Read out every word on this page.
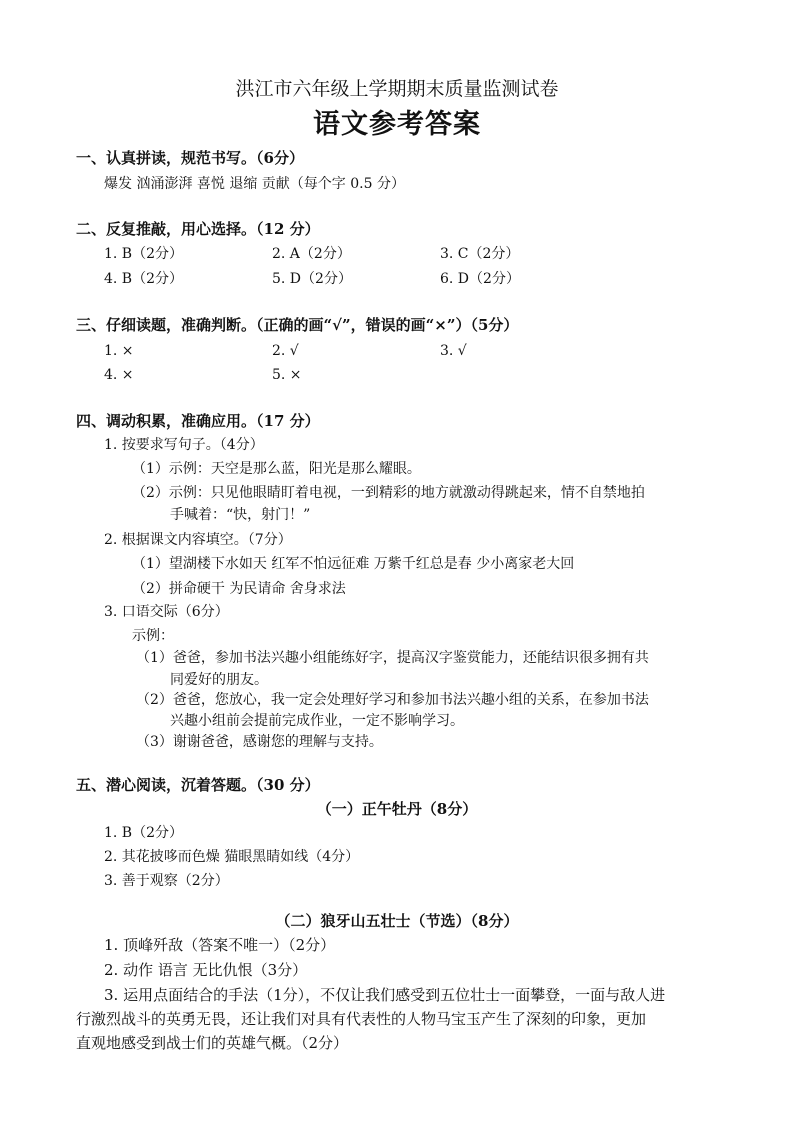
洪江市六年级上学期期末质量监测试卷
语文参考答案
一、认真拼读，规范书写。（6分）
爆发 汹涌澎湃 喜悦 退缩 贡献（每个字 0.5 分）
二、反复推敲，用心选择。（12 分）
1. B（2分）	2. A（2分）	3. C（2分）
4. B（2分）	5. D（2分）	6. D（2分）
三、仔细读题，准确判断。（正确的画“√”，错误的画“×”）（5分）
1. ×	2. √	3. √
4. ×	5. ×
四、调动积累，准确应用。（17 分）
1. 按要求写句子。（4分）
（1）示例：天空是那么蓝，阳光是那么耀眼。
（2）示例：只见他眼睛盯着电视，一到精彩的地方就激动得跳起来，情不自禁地拍
手喊着：“快，射门！”
2. 根据课文内容填空。（7分）
（1）望湖楼下水如天 红军不怕远征难 万紫千红总是春 少小离家老大回
（2）拼命硬干 为民请命 舍身求法
3. 口语交际（6分）
示例：
（1）爸爸，参加书法兴趣小组能练好字，提高汉字鉴赏能力，还能结识很多拥有共
同爱好的朋友。
（2）爸爸，您放心，我一定会处理好学习和参加书法兴趣小组的关系，在参加书法
兴趣小组前会提前完成作业，一定不影响学习。
（3）谢谢爸爸，感谢您的理解与支持。
五、潜心阅读，沉着答题。（30 分）
（一）正午牡丹（8分）
1. B（2分）
2. 其花披哆而色燥 猫眼黑睛如线（4分）
3. 善于观察（2分）
（二）狼牙山五壮士（节选）（8分）
1. 顶峰歼敌（答案不唯一）（2分）
2. 动作 语言 无比仇恨（3分）
3. 运用点面结合的手法（1分），不仅让我们感受到五位壮士一面攀登，一面与敌人进
行激烈战斗的英勇无畏，还让我们对具有代表性的人物马宝玉产生了深刻的印象，更加
直观地感受到战士们的英雄气概。（2分）
